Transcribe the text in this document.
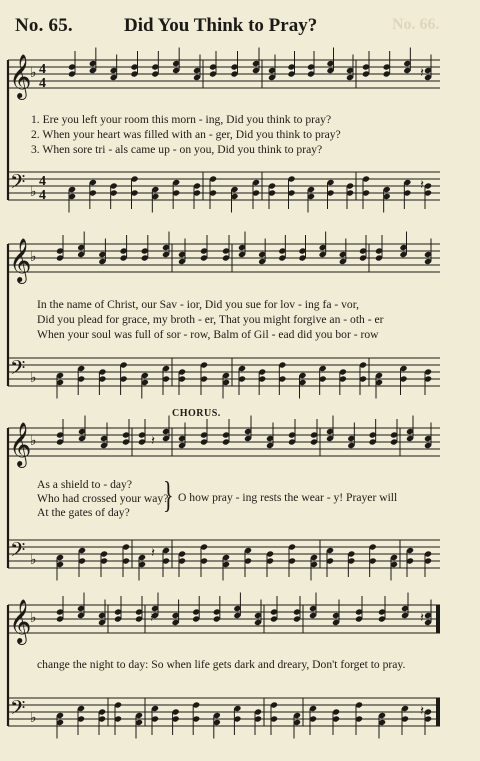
No. 65.	Did You Think to Pray?	No. 66.
𝄞
♭ 4
4
𝄢 ♭
4
4
𝄽
𝄽
𝄞
♭
𝄢 ♭
𝄞
♭
𝄢 ♭
𝄽
𝄽
𝄞
♭
𝄢 ♭
𝄽	𝄽
𝄽
1. Ere you left your room this morn - ing, Did you think to pray?
2. When your heart was filled with an - ger, Did you think to pray?
3. When sore tri - als came up - on you, Did you think to pray?
In the name of Christ, our Sav - ior, Did you sue for lov - ing fa - vor,
Did you plead for grace, my broth - er, That you might forgive an - oth - er
When your soul was full of sor - row, Balm of Gil - ead did you bor - row
CHORUS.
As a shield to - day?
Who had crossed your way?
At the gates of day? } O how pray - ing rests the wear - y! Prayer will
change the night to day: So when life gets dark and dreary, Don't forget to pray.
